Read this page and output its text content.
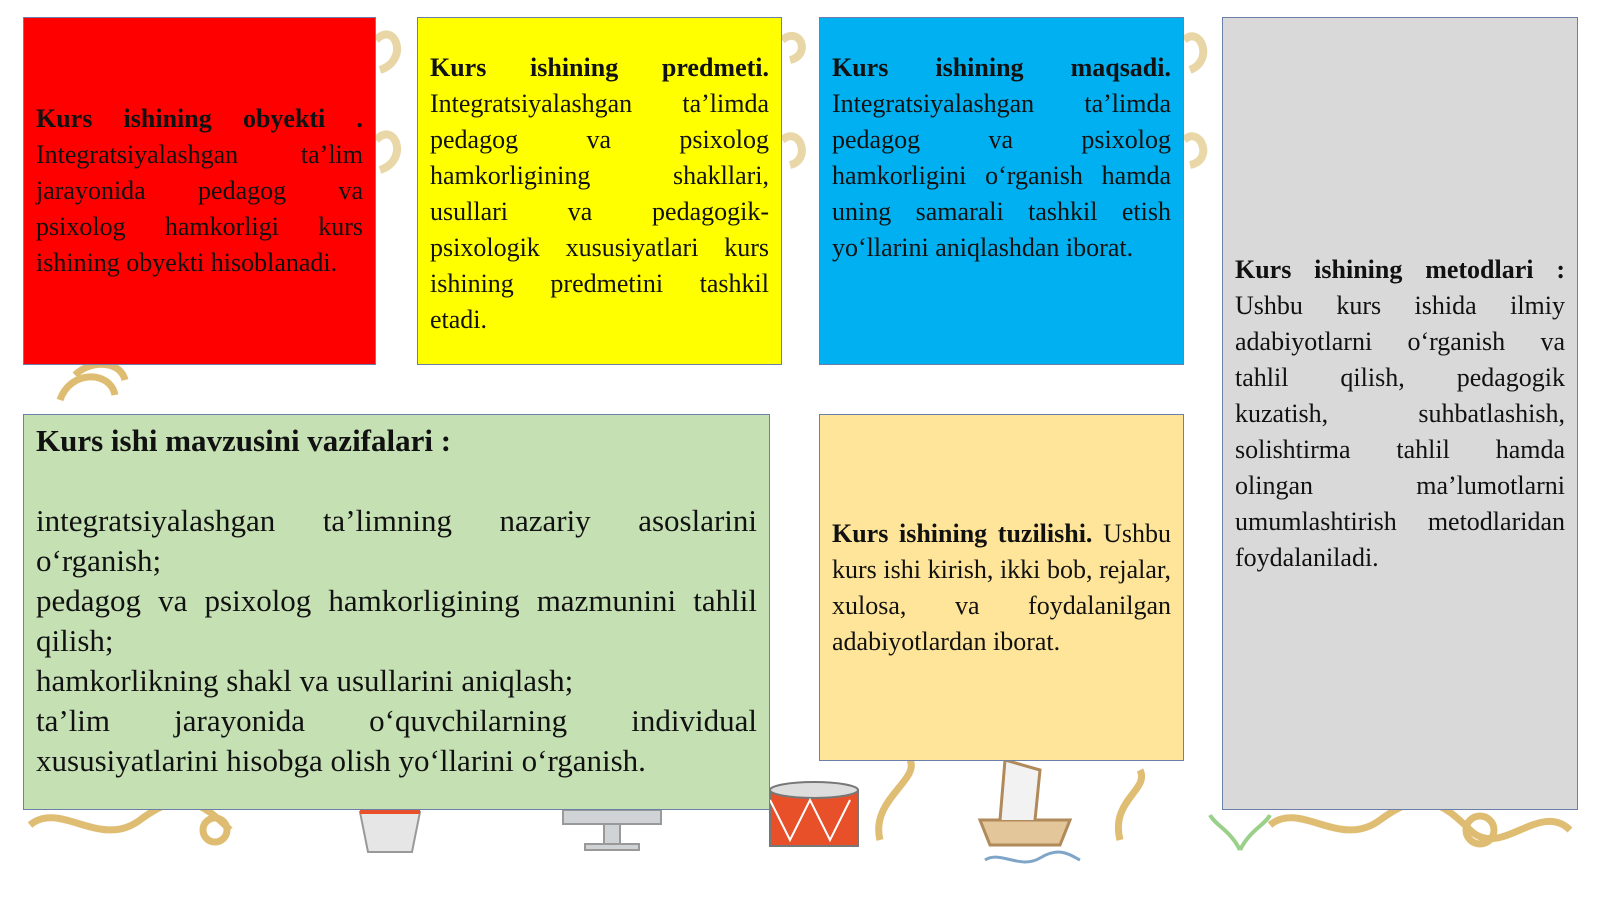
Kurs ishining obyekti . Integratsiyalashgan ta’lim jarayonida pedagog va psixolog hamkorligi kurs ishining obyekti hisoblanadi.
Kurs ishining predmeti. Integratsiyalashgan ta’limda pedagog va psixolog hamkorligining shakllari, usullari va pedagogik-psixologik xususiyatlari kurs ishining predmetini tashkil etadi.
Kurs ishining maqsadi. Integratsiyalashgan ta’limda pedagog va psixolog hamkorligini o‘rganish hamda uning samarali tashkil etish yo‘llarini aniqlashdan iborat.
Kurs ishining metodlari : Ushbu kurs ishida ilmiy adabiyotlarni o‘rganish va tahlil qilish, pedagogik kuzatish, suhbatlashish, solishtirma tahlil hamda olingan ma’lumotlarni umumlashtirish metodlaridan foydalaniladi.

Kurs ishi mavzusini vazifalari :

integratsiyalashgan ta’limning nazariy asoslarini o‘rganish;

pedagog va psixolog hamkorligining mazmunini tahlil qilish;

hamkorlikning shakl va usullarini aniqlash;

ta’lim jarayonida o‘quvchilarning individual xususiyatlarini hisobga olish yo‘llarini o‘rganish.

Kurs ishining tuzilishi. Ushbu kurs ishi kirish, ikki bob, rejalar, xulosa, va foydalanilgan adabiyotlardan iborat.
